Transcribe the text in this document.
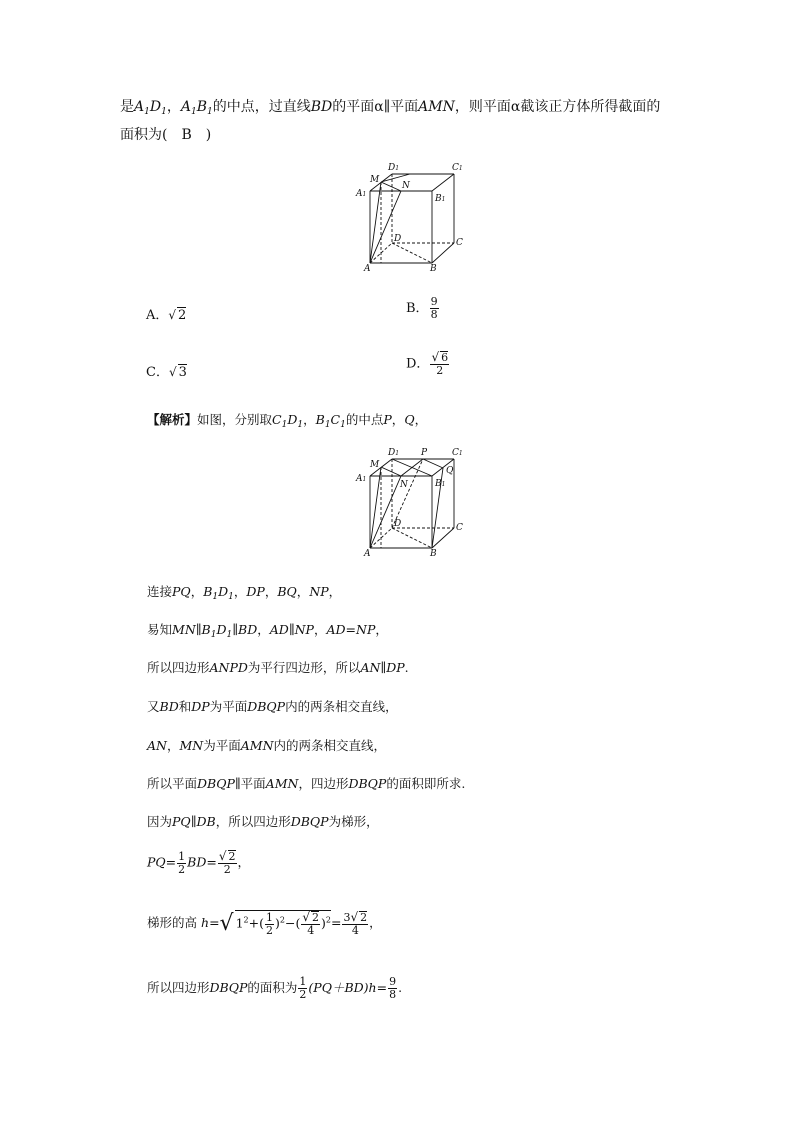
是$A_1D_1$，$A_1B_1$的中点，过直线BD的平面α∥平面AMN，则平面α截该正方体所得截面的
面积为(　B　)
D1	C1
M
N
A1	B1
D	C
A	B
A．√ 2	B． $\frac{9}{8}$
C．√ 3
D． $\frac{√ 6}{2}$
【解析】如图，分别取$C_1D_1$，$B_1C_1$的中点P，Q，
D1 P	C1
M
Q
N
A1	B1
D	C
A	B
连接PQ，$B_1D_1$，DP，BQ，NP，
易知$MN\parallel B_1D_1\parallel BD$，AD∥NP，AD=NP，
所以四边形ANPD为平行四边形，所以AN∥DP.
又BD和DP为平面DBQP内的两条相交直线，
AN，MN为平面AMN内的两条相交直线，
所以平面DBQP∥平面AMN，四边形DBQP的面积即所求.
因为PQ∥DB，所以四边形DBQP为梯形，
$PQ= \frac{1}{2} BD= \frac{√ 2}{2}$ ，
梯形的高 h=√ $1^2+( \frac{1}{2} )^2-( \frac{√ 2}{4} )^2= \frac{3√ 2}{4}$ ，
所以四边形DBQP的面积为 $\frac{1}{2} (PQ+BD)h= \frac{9}{8}$ .
